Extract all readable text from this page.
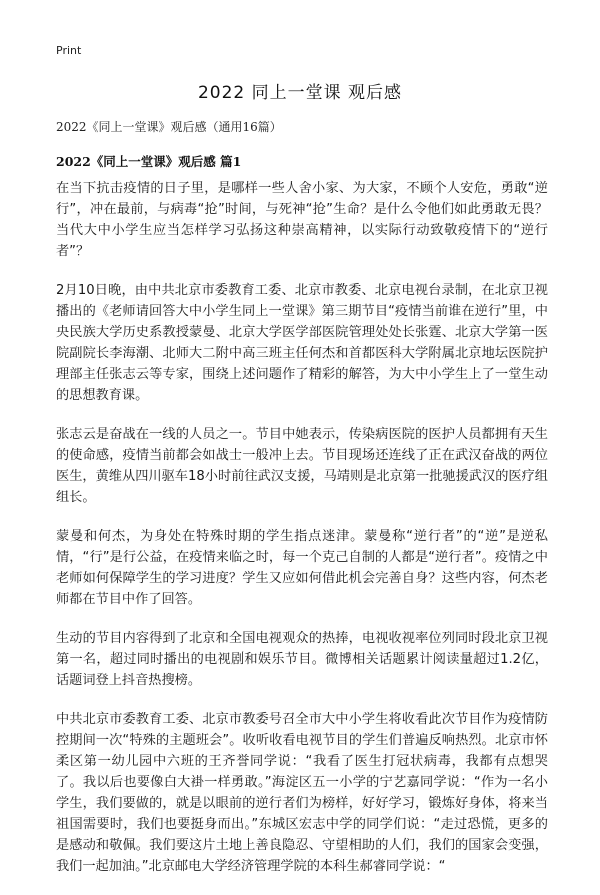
Print
2022 同上一堂课 观后感
2022《同上一堂课》观后感（通用16篇）
2022《同上一堂课》观后感 篇1

在当下抗击疫情的日子里，是哪样一些人舍小家、为大家，不顾个人安危，勇敢“逆行”，冲在最前，与病毒“抢”时间，与死神“抢”生命？是什么令他们如此勇敢无畏？当代大中小学生应当怎样学习弘扬这种崇高精神，以实际行动致敬疫情下的“逆行者”？

2月10日晚，由中共北京市委教育工委、北京市教委、北京电视台录制，在北京卫视播出的《老师请回答大中小学生同上一堂课》第三期节目“疫情当前谁在逆行”里，中央民族大学历史系教授蒙曼、北京大学医学部医院管理处处长张霆、北京大学第一医院副院长李海潮、北师大二附中高三班主任何杰和首都医科大学附属北京地坛医院护理部主任张志云等专家，围绕上述问题作了精彩的解答，为大中小学生上了一堂生动的思想教育课。

张志云是奋战在一线的人员之一。节目中她表示，传染病医院的医护人员都拥有天生的使命感，疫情当前都会如战士一般冲上去。节目现场还连线了正在武汉奋战的两位医生，黄维从四川驱车18小时前往武汉支援，马靖则是北京第一批驰援武汉的医疗组组长。

蒙曼和何杰，为身处在特殊时期的学生指点迷津。蒙曼称“逆行者”的“逆”是逆私情，“行”是行公益，在疫情来临之时，每一个克己自制的人都是“逆行者”。疫情之中老师如何保障学生的学习进度？学生又应如何借此机会完善自身？这些内容，何杰老师都在节目中作了回答。

生动的节目内容得到了北京和全国电视观众的热捧，电视收视率位列同时段北京卫视第一名，超过同时播出的电视剧和娱乐节目。微博相关话题累计阅读量超过1.2亿，话题词登上抖音热搜榜。

中共北京市委教育工委、北京市教委号召全市大中小学生将收看此次节目作为疫情防控期间一次“特殊的主题班会”。收听收看电视节目的学生们普遍反响热烈。北京市怀柔区第一幼儿园中六班的王齐誉同学说：“我看了医生打冠状病毒，我都有点想哭了。我以后也要像白大褂一样勇敢。”海淀区五一小学的宁艺嘉同学说：“作为一名小学生，我们要做的，就是以眼前的逆行者们为榜样，好好学习，锻炼好身体，将来当祖国需要时，我们也要挺身而出。”东城区宏志中学的同学们说：“走过恐慌，更多的是感动和敬佩。我们要这片土地上善良隐忍、守望相助的人们，我们的国家会变强，我们一起加油。”北京邮电大学经济管理学院的本科生郝睿同学说：“
